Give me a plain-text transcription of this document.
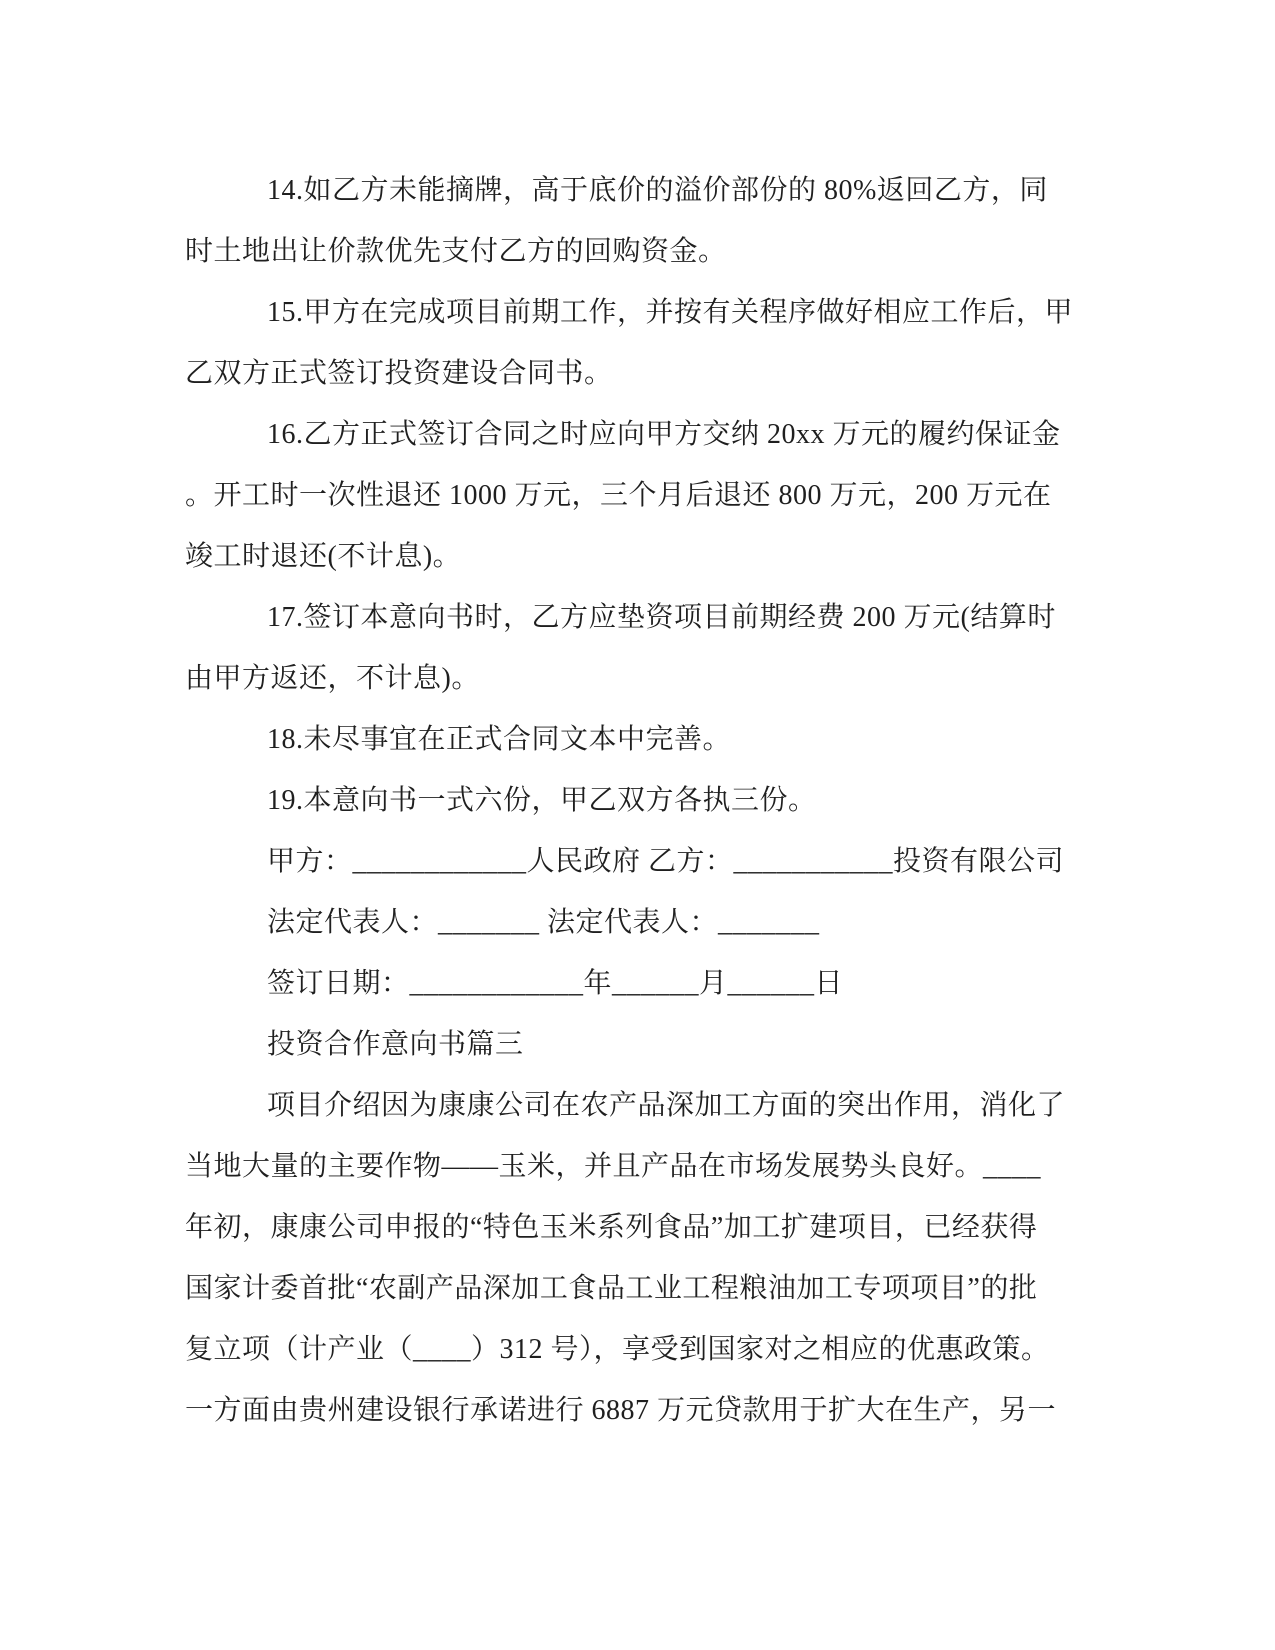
14.如乙方未能摘牌，高于底价的溢价部份的 80%返回乙方，同
时土地出让价款优先支付乙方的回购资金。
15.甲方在完成项目前期工作，并按有关程序做好相应工作后，甲
乙双方正式签订投资建设合同书。
16.乙方正式签订合同之时应向甲方交纳 20xx 万元的履约保证金
。开工时一次性退还 1000 万元，三个月后退还 800 万元，200 万元在
竣工时退还(不计息)。
17.签订本意向书时，乙方应垫资项目前期经费 200 万元(结算时
由甲方返还，不计息)。
18.未尽事宜在正式合同文本中完善。
19.本意向书一式六份，甲乙双方各执三份。
甲方：____________人民政府 乙方：___________投资有限公司
法定代表人：_______ 法定代表人：_______
签订日期：____________年______月______日
投资合作意向书篇三
项目介绍因为康康公司在农产品深加工方面的突出作用，消化了
当地大量的主要作物——玉米，并且产品在市场发展势头良好。____
年初，康康公司申报的“特色玉米系列食品”加工扩建项目，已经获得
国家计委首批“农副产品深加工食品工业工程粮油加工专项项目”的批
复立项（计产业（____）312 号），享受到国家对之相应的优惠政策。
一方面由贵州建设银行承诺进行 6887 万元贷款用于扩大在生产，另一
